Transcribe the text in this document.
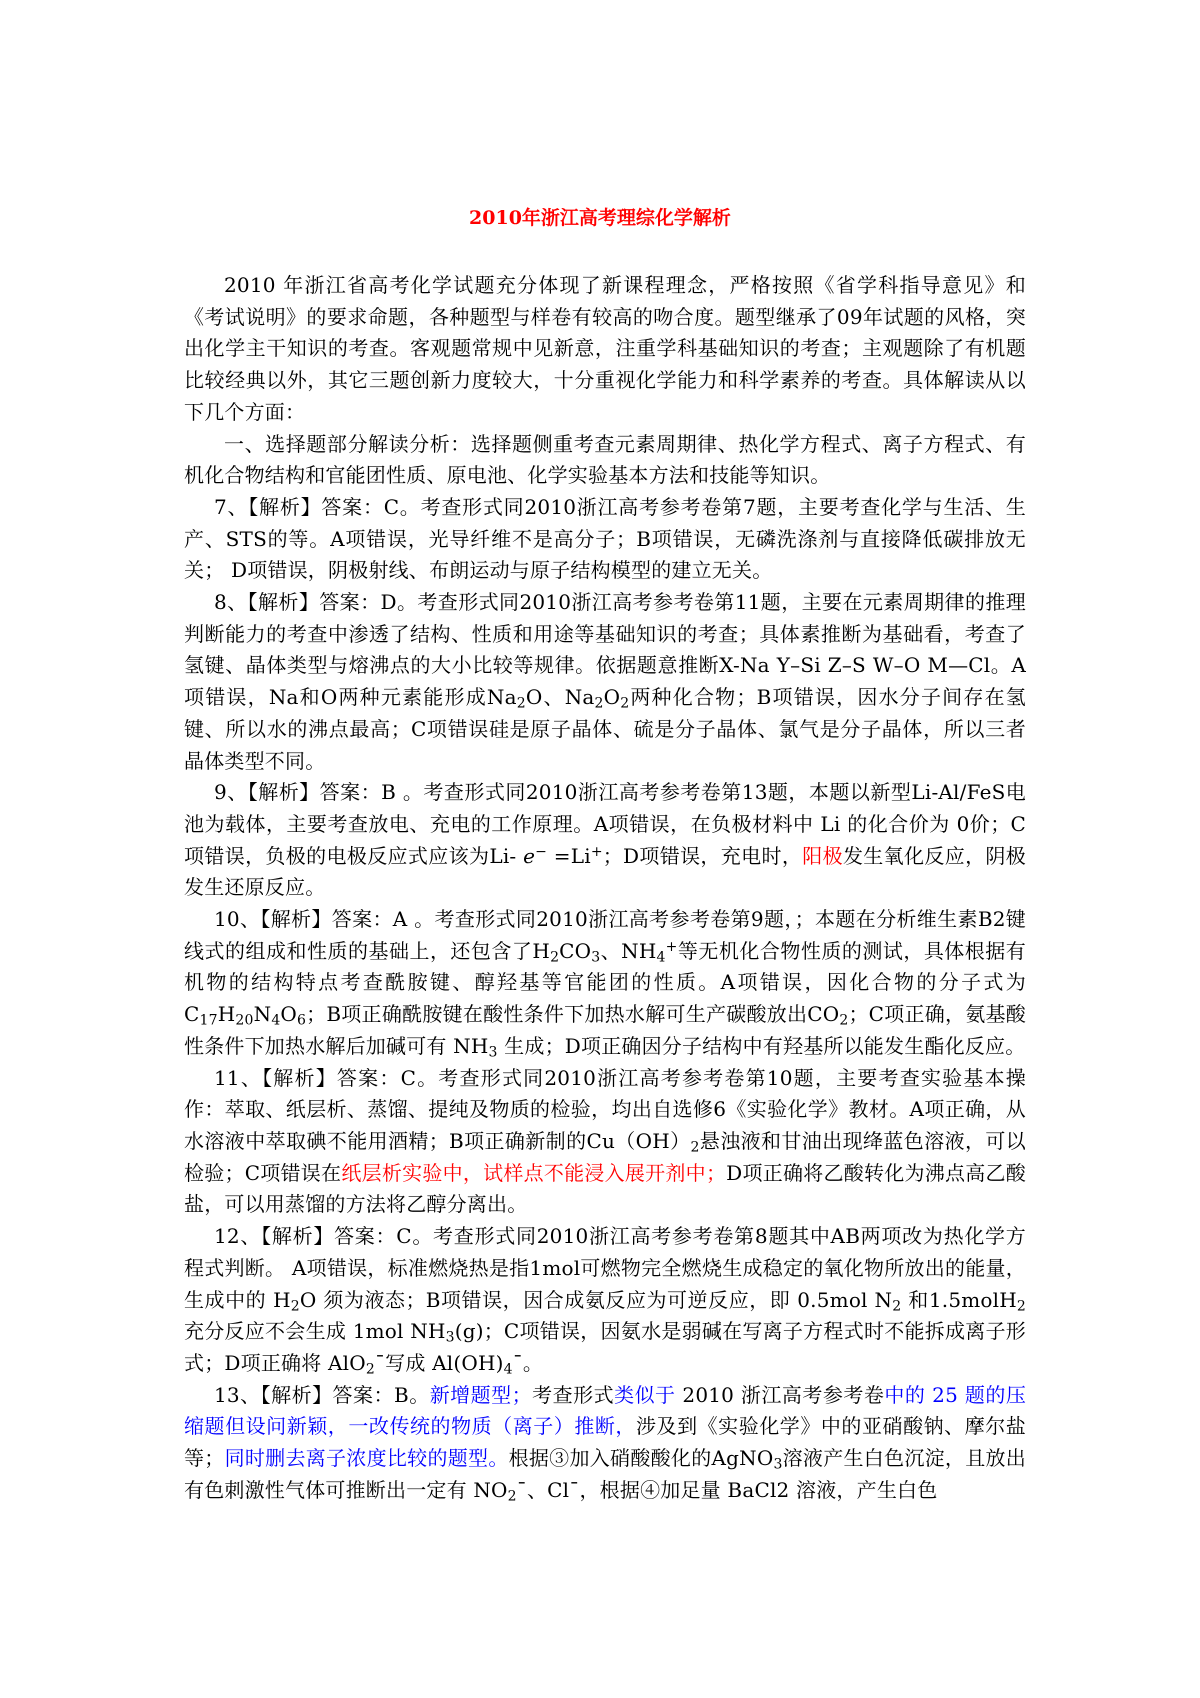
2010年浙江高考理综化学解析

2010 年浙江省高考化学试题充分体现了新课程理念，严格按照《省学科指导意见》和《考试说明》的要求命题，各种题型与样卷有较高的吻合度。题型继承了09年试题的风格，突出化学主干知识的考查。客观题常规中见新意，注重学科基础知识的考查；主观题除了有机题比较经典以外，其它三题创新力度较大，十分重视化学能力和科学素养的考查。具体解读从以下几个方面：

一、选择题部分解读分析：选择题侧重考查元素周期律、热化学方程式、离子方程式、有机化合物结构和官能团性质、原电池、化学实验基本方法和技能等知识。

7、【解析】答案：C。考查形式同2010浙江高考参考卷第7题，主要考查化学与生活、生产、STS的等。A项错误，光导纤维不是高分子；B项错误，无磷洗涤剂与直接降低碳排放无关； D项错误，阴极射线、布朗运动与原子结构模型的建立无关。

8、【解析】答案：D。考查形式同2010浙江高考参考卷第11题，主要在元素周期律的推理判断能力的考查中渗透了结构、性质和用途等基础知识的考查；具体素推断为基础看，考查了氢键、晶体类型与熔沸点的大小比较等规律。依据题意推断X-Na Y–Si Z–S W–O M—Cl。A项错误，Na和O两种元素能形成$Na_2O$、$Na_2O_2$两种化合物；B项错误，因水分子间存在氢键、所以水的沸点最高；C项错误硅是原子晶体、硫是分子晶体、氯气是分子晶体，所以三者晶体类型不同。

9、【解析】答案：B 。考查形式同2010浙江高考参考卷第13题，本题以新型Li-Al/FeS电池为载体，主要考查放电、充电的工作原理。A项错误，在负极材料中 Li 的化合价为 0价；C项错误，负极的电极反应式应该为Li- e− =Li+；D项错误，充电时，阳极发生氧化反应，阴极发生还原反应。

10、【解析】答案：A 。考查形式同2010浙江高考参考卷第9题，；本题在分析维生素B2键线式的组成和性质的基础上，还包含了$H_2CO_3$、$NH_4^+$等无机化合物性质的测试，具体根据有机物的结构特点考查酰胺键、醇羟基等官能团的性质。A项错误，因化合物的分子式为$C_{17}H_{20}N_4O_6$；B项正确酰胺键在酸性条件下加热水解可生产碳酸放出$CO_2$；C项正确，氨基酸性条件下加热水解后加碱可有 $NH_3$ 生成；D项正确因分子结构中有羟基所以能发生酯化反应。

11、【解析】答案：C。考查形式同2010浙江高考参考卷第10题，主要考查实验基本操作：萃取、纸层析、蒸馏、提纯及物质的检验，均出自选修6《实验化学》教材。A项正确，从水溶液中萃取碘不能用酒精；B项正确新制的$Cu(OH)_2$悬浊液和甘油出现绛蓝色溶液，可以检验；C项错误在纸层析实验中，试样点不能浸入展开剂中；D项正确将乙酸转化为沸点高乙酸盐，可以用蒸馏的方法将乙醇分离出。

12、【解析】答案：C。考查形式同2010浙江高考参考卷第8题其中AB两项改为热化学方程式判断。 A项错误，标准燃烧热是指1mol可燃物完全燃烧生成稳定的氧化物所放出的能量，生成中的 $H_2O$ 须为液态；B项错误，因合成氨反应为可逆反应，即 0.5mol $N_2$ 和1.5molH$_2$充分反应不会生成 1mol $NH_3(g)$；C项错误，因氨水是弱碱在写离子方程式时不能拆成离子形式；D项正确将 AlO$_2$¯写成 $Al(OH)_4¯$。

13、【解析】答案：B。新增题型；考查形式类似于 2010 浙江高考参考卷中的 25 题的压缩题但设问新颖，一改传统的物质（离子）推断，涉及到《实验化学》中的亚硝酸钠、摩尔盐等；同时删去离子浓度比较的题型。根据③加入硝酸酸化的AgNO$_3$溶液产生白色沉淀，且放出有色刺激性气体可推断出一定有 $NO_2¯$、Cl¯，根据④加足量 BaCl2 溶液，产生白色
